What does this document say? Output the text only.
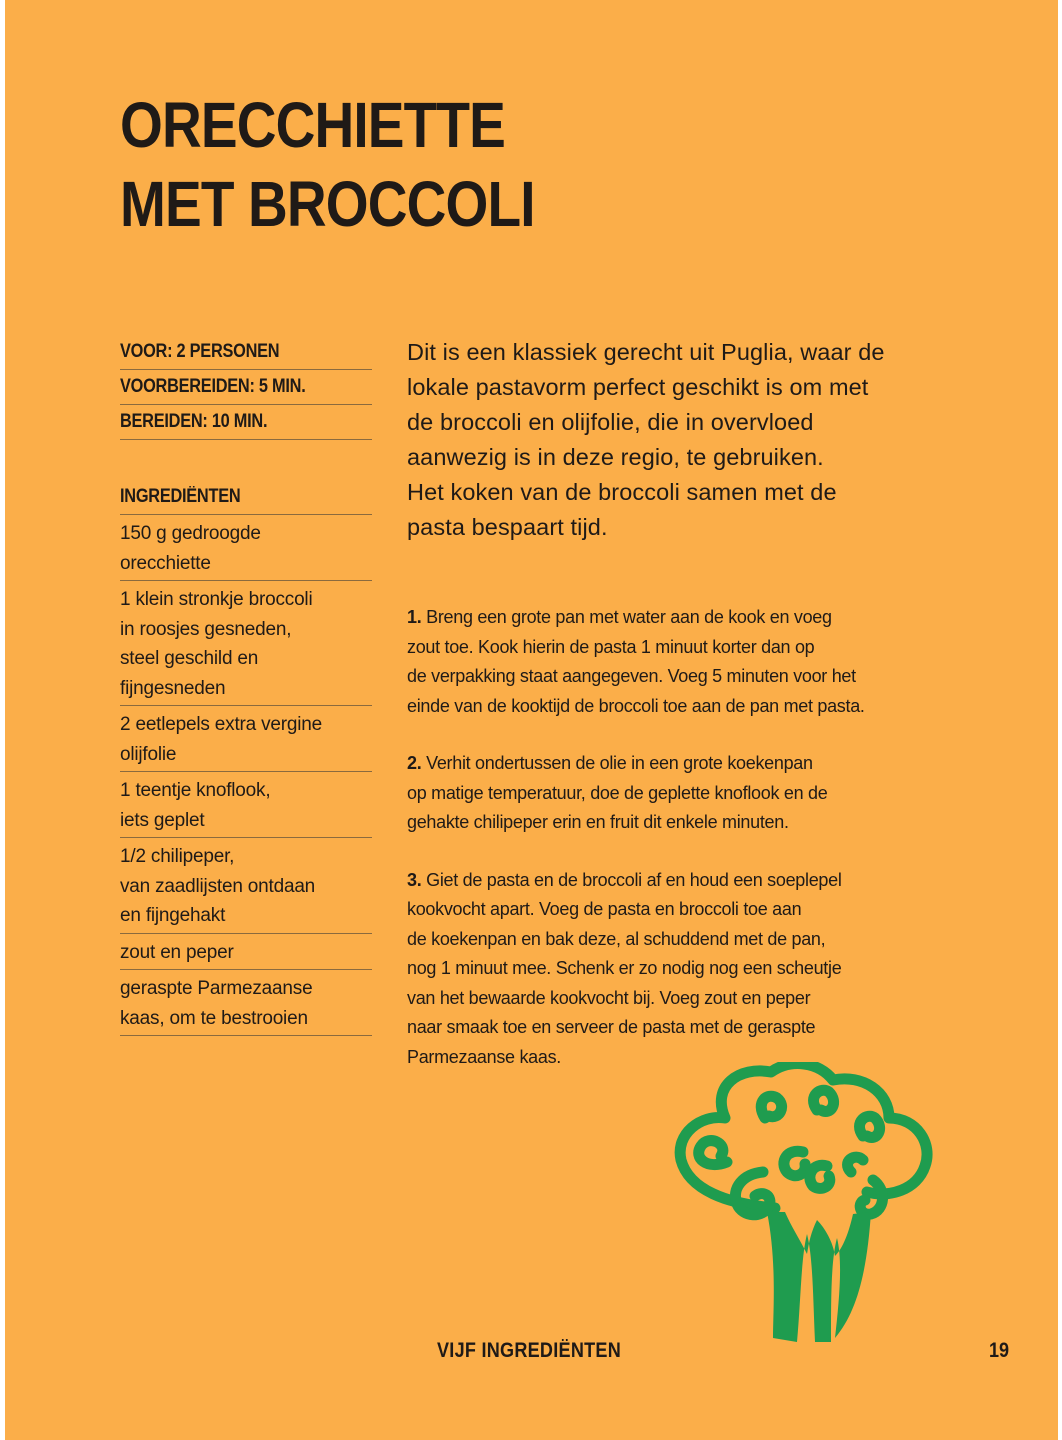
ORECCHIETTE
MET BROCCOLI
VOOR: 2 PERSONEN
VOORBEREIDEN: 5 MIN.
BEREIDEN: 10 MIN.
INGREDIËNTEN
150 g gedroogde
orecchiette
1 klein stronkje broccoli
in roosjes gesneden,
steel geschild en
fijngesneden
2 eetlepels extra vergine
olijfolie
1 teentje knoflook,
iets geplet
1/2 chilipeper,
van zaadlijsten ontdaan
en fijngehakt
zout en peper
geraspte Parmezaanse
kaas, om te bestrooien
Dit is een klassiek gerecht uit Puglia, waar de
lokale pastavorm perfect geschikt is om met
de broccoli en olijfolie, die in overvloed
aanwezig is in deze regio, te gebruiken.
Het koken van de broccoli samen met de
pasta bespaart tijd.
1. Breng een grote pan met water aan de kook en voeg
zout toe. Kook hierin de pasta 1 minuut korter dan op
de verpakking staat aangegeven. Voeg 5 minuten voor het
einde van de kooktijd de broccoli toe aan de pan met pasta.
2. Verhit ondertussen de olie in een grote koekenpan
op matige temperatuur, doe de geplette knoflook en de
gehakte chilipeper erin en fruit dit enkele minuten.
3. Giet de pasta en de broccoli af en houd een soeplepel
kookvocht apart. Voeg de pasta en broccoli toe aan
de koekenpan en bak deze, al schuddend met de pan,
nog 1 minuut mee. Schenk er zo nodig nog een scheutje
van het bewaarde kookvocht bij. Voeg zout en peper
naar smaak toe en serveer de pasta met de geraspte
Parmezaanse kaas.
VIJF INGREDIËNTEN	19
